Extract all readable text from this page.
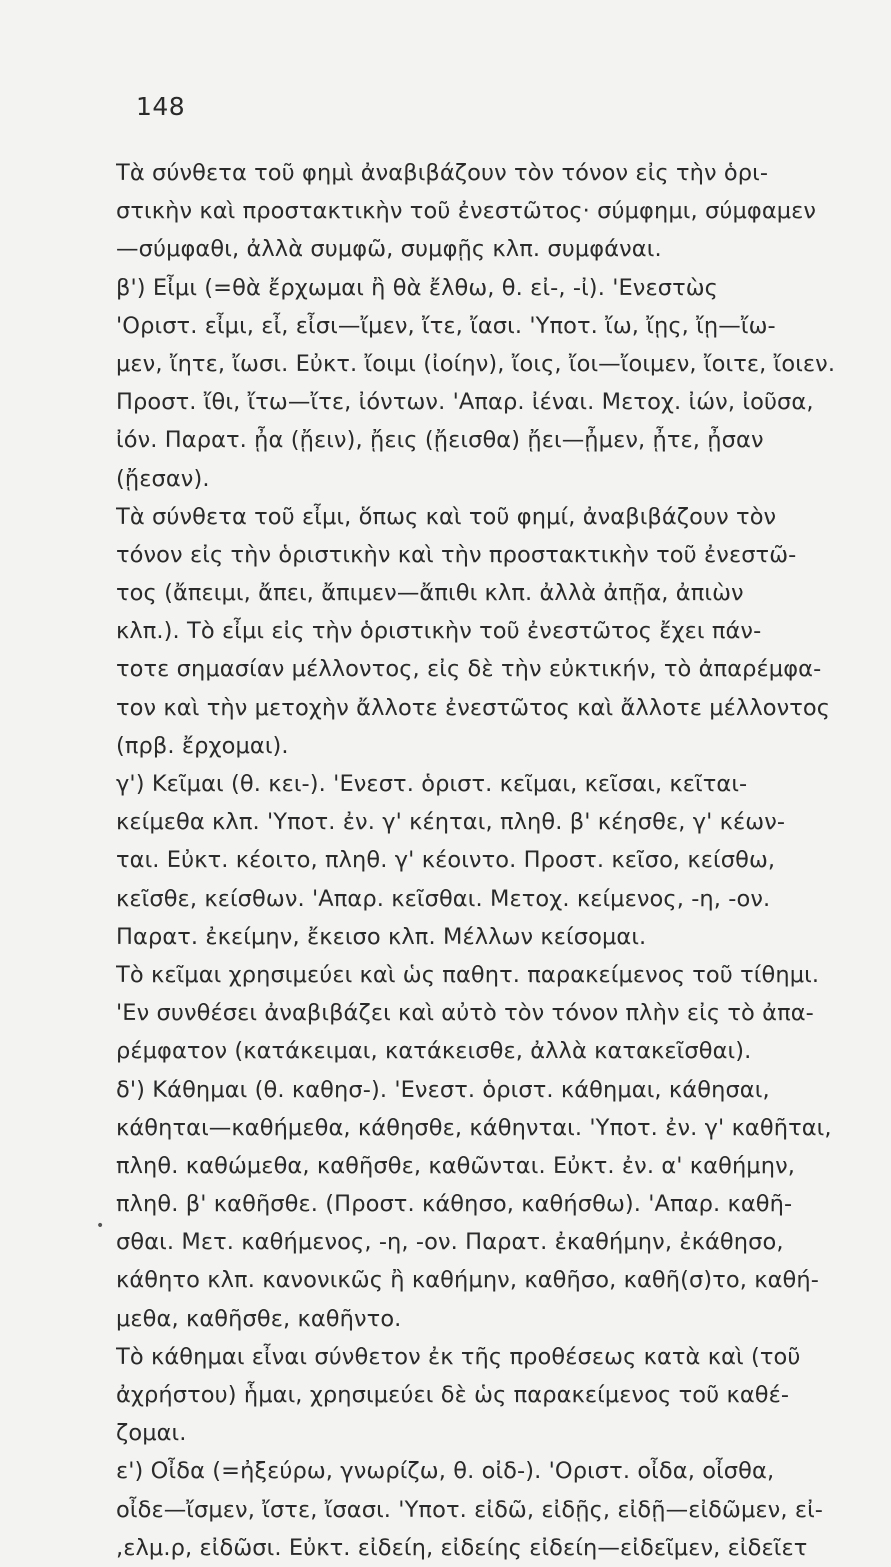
148
•
Τὰ σύνθετα τοῦ φημὶ ἀναβιβάζουν τὸν τόνον εἰς τὴν ὁρι-
στικὴν καὶ προστακτικὴν τοῦ ἐνεστῶτος· σύμφημι, σύμφαμεν
—σύμφαθι, ἀλλὰ συμφῶ, συμφῇς κλπ. συμφάναι.
β') Εἶμι (=θὰ ἔρχωμαι ἢ θὰ ἔλθω, θ. εἰ-, -ἰ). 'Ενεστὼς
'Οριστ. εἶμι, εἶ, εἶσι—ἴμεν, ἴτε, ἴασι. 'Υποτ. ἴω, ἴῃς, ἴῃ—ἴω-
μεν, ἴητε, ἴωσι. Εὐκτ. ἴοιμι (ἰοίην), ἴοις, ἴοι—ἴοιμεν, ἴοιτε, ἴοιεν.
Προστ. ἴθι, ἴτω—ἴτε, ἰόντων. 'Απαρ. ἰέναι. Μετοχ. ἰών, ἰοῦσα,
ἰόν. Παρατ. ᾖα (ᾔειν), ᾔεις (ᾔεισθα) ᾔει—ᾖμεν, ᾖτε, ᾖσαν
(ᾔεσαν).
Τὰ σύνθετα τοῦ εἶμι, ὅπως καὶ τοῦ φημί, ἀναβιβάζουν τὸν
τόνον εἰς τὴν ὁριστικὴν καὶ τὴν προστακτικὴν τοῦ ἐνεστῶ-
τος (ἄπειμι, ἄπει, ἄπιμεν—ἄπιθι κλπ. ἀλλὰ ἀπῇα, ἀπιὼν
κλπ.). Τὸ εἶμι εἰς τὴν ὁριστικὴν τοῦ ἐνεστῶτος ἔχει πάν-
τοτε σημασίαν μέλλοντος, εἰς δὲ τὴν εὐκτικήν, τὸ ἀπαρέμφα-
τον καὶ τὴν μετοχὴν ἄλλοτε ἐνεστῶτος καὶ ἄλλοτε μέλλοντος
(πρβ. ἔρχομαι).
γ') Κεῖμαι (θ. κει-). 'Ενεστ. ὁριστ. κεῖμαι, κεῖσαι, κεῖται-
κείμεθα κλπ. 'Υποτ. ἐν. γ' κέηται, πληθ. β' κέησθε, γ' κέων-
ται. Εὐκτ. κέοιτο, πληθ. γ' κέοιντο. Προστ. κεῖσο, κείσθω,
κεῖσθε, κείσθων. 'Απαρ. κεῖσθαι. Μετοχ. κείμενος, -η, -ον.
Παρατ. ἐκείμην, ἔκεισο κλπ. Μέλλων κείσομαι.
Τὸ κεῖμαι χρησιμεύει καὶ ὡς παθητ. παρακείμενος τοῦ τίθημι.
'Εν συνθέσει ἀναβιβάζει καὶ αὐτὸ τὸν τόνον πλὴν εἰς τὸ ἀπα-
ρέμφατον (κατάκειμαι, κατάκεισθε, ἀλλὰ κατακεῖσθαι).
δ') Κάθημαι (θ. καθησ-). 'Ενεστ. ὁριστ. κάθημαι, κάθησαι,
κάθηται—καθήμεθα, κάθησθε, κάθηνται. 'Υποτ. ἐν. γ' καθῆται,
πληθ. καθώμεθα, καθῆσθε, καθῶνται. Εὐκτ. ἐν. α' καθήμην,
πληθ. β' καθῆσθε. (Προστ. κάθησο, καθήσθω). 'Απαρ. καθῆ-
σθαι. Μετ. καθήμενος, -η, -ον. Παρατ. ἐκαθήμην, ἐκάθησο,
κάθητο κλπ. κανονικῶς ἢ καθήμην, καθῆσο, καθῆ(σ)το, καθή-
μεθα, καθῆσθε, καθῆντο.
Τὸ κάθημαι εἶναι σύνθετον ἐκ τῆς προθέσεως κατὰ καὶ (τοῦ
ἀχρήστου) ἧμαι, χρησιμεύει δὲ ὡς παρακείμενος τοῦ καθέ-
ζομαι.
ε') Οἶδα (=ἠξεύρω, γνωρίζω, θ. οἰδ-). 'Οριστ. οἶδα, οἶσθα,
οἶδε—ἴσμεν, ἴστε, ἴσασι. 'Υποτ. εἰδῶ, εἰδῇς, εἰδῇ—εἰδῶμεν, εἰ-
,ελμ.ρ, εἰδῶσι. Εὐκτ. εἰδείη, εἰδείης εἰδείη—εἰδεῖμεν, εἰδεῖετ
